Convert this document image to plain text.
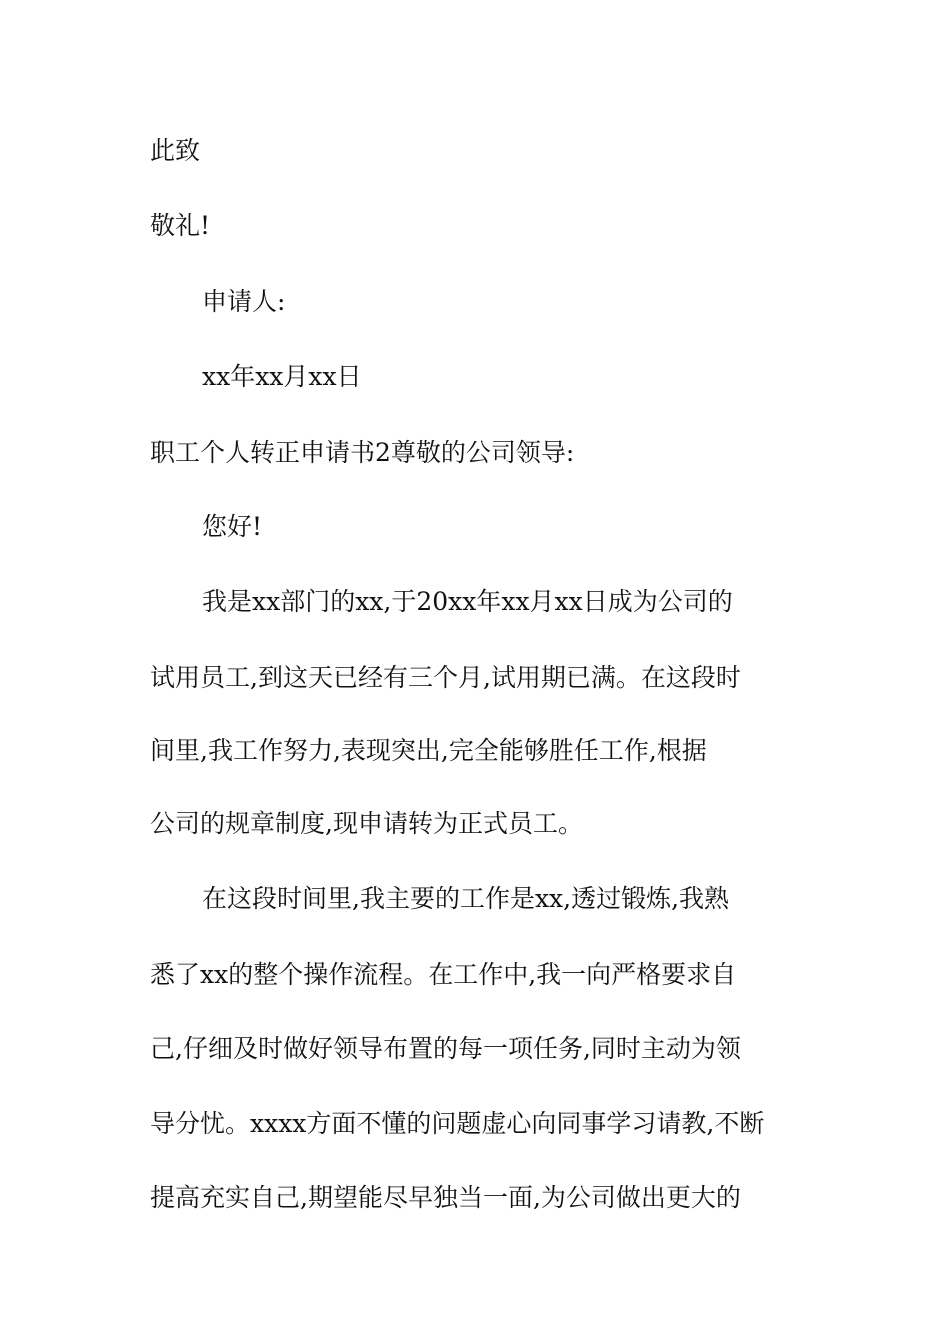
此致
敬礼!
申请人:
xx年xx月xx日
职工个人转正申请书2尊敬的公司领导:
您好!
我是xx部门的xx,于20xx年xx月xx日成为公司的
试用员工,到这天已经有三个月,试用期已满。在这段时
间里,我工作努力,表现突出,完全能够胜任工作,根据
公司的规章制度,现申请转为正式员工。
在这段时间里,我主要的工作是xx,透过锻炼,我熟
悉了xx的整个操作流程。在工作中,我一向严格要求自
己,仔细及时做好领导布置的每一项任务,同时主动为领
导分忧。xxxx方面不懂的问题虚心向同事学习请教,不断
提高充实自己,期望能尽早独当一面,为公司做出更大的
